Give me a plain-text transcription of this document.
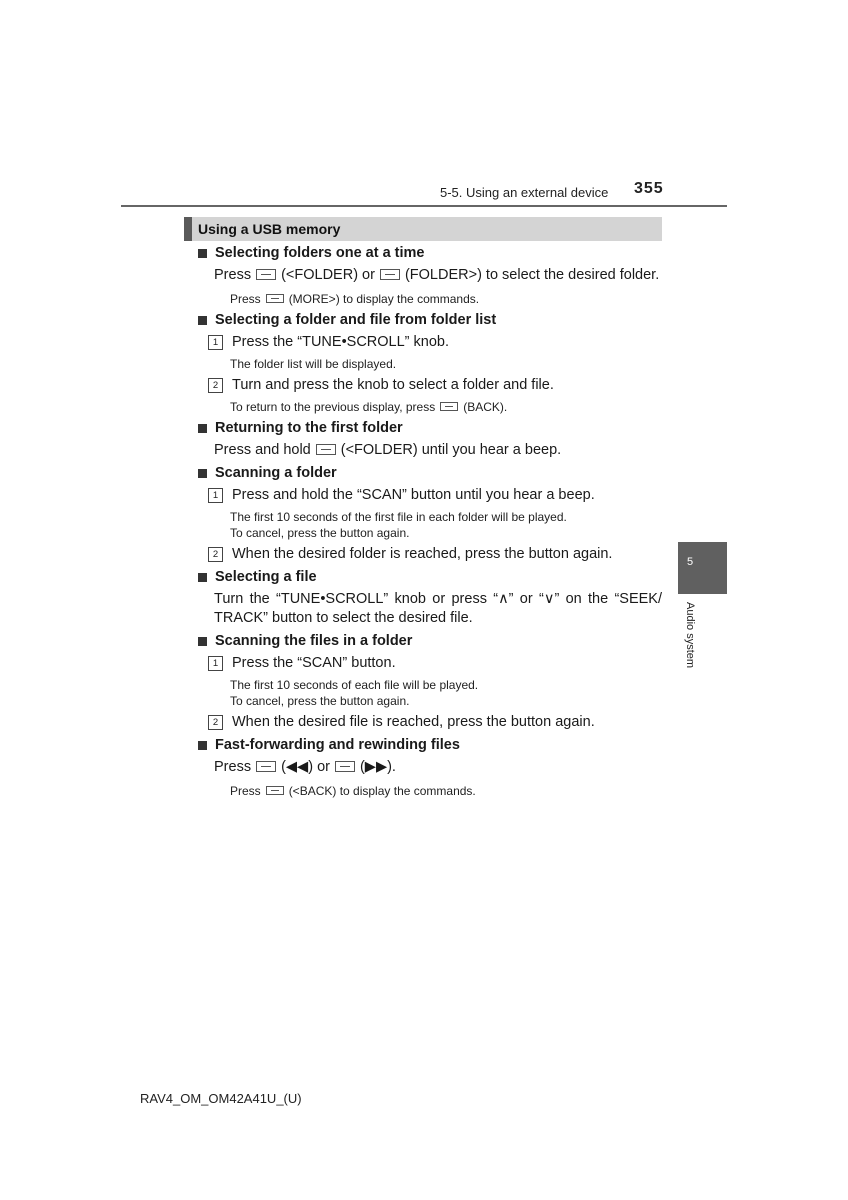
5-5. Using an external device 355
Using a USB memory
5
Audio system
Selecting folders one at a time

Press (<FOLDER) or (FOLDER>) to select the desired folder.

Press (MORE>) to display the commands.

Selecting a folder and file from folder list
1 Press the “TUNE•SCROLL” knob.

The folder list will be displayed.

2 Turn and press the knob to select a folder and file.

To return to the previous display, press (BACK).

Returning to the first folder

Press and hold (<FOLDER) until you hear a beep.

Scanning a folder
1 Press and hold the “SCAN” button until you hear a beep.

The first 10 seconds of the first file in each folder will be played.
To cancel, press the button again.

2 When the desired folder is reached, press the button again.
Selecting a file

Turn the “TUNE•SCROLL” knob or press “∧” or “∨” on the “SEEK/ TRACK” button to select the desired file.

Scanning the files in a folder
1 Press the “SCAN” button.

The first 10 seconds of each file will be played.
To cancel, press the button again.

2 When the desired file is reached, press the button again.
Fast-forwarding and rewinding files

Press (◀◀) or (▶▶).

Press (<BACK) to display the commands.

RAV4_OM_OM42A41U_(U)
